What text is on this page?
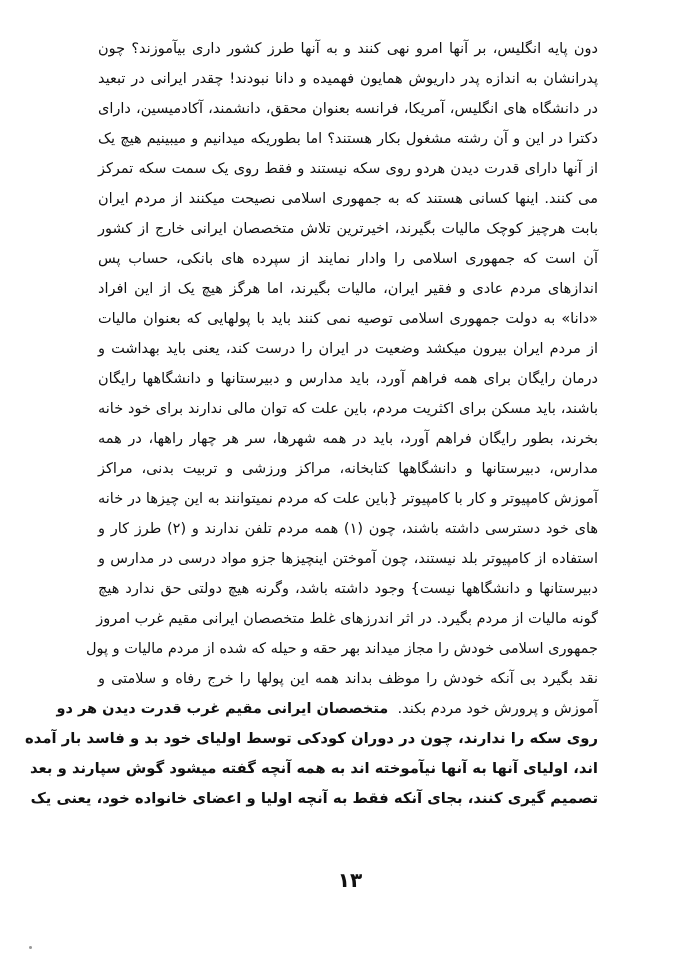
دون پایه انگلیس، بر آنها امرو نهی کنند و به آنها طرز کشور داری بیآموزند؟ چون
پدرانشان به اندازه پدر داریوش همایون فهمیده و دانا نبودند! چقدر ایرانی در تبعید
در دانشگاه های انگلیس، آمریکا، فرانسه بعنوان محقق، دانشمند، آکادمیسین، دارای
دکترا در این و آن رشته مشغول بکار هستند؟ اما بطوریکه میدانیم و میبینیم هیچ یک
از آنها دارای قدرت دیدن هردو روی سکه نیستند و فقط روی یک سمت سکه تمرکز
می کنند. اینها کسانی هستند که به جمهوری اسلامی نصیحت میکنند از مردم ایران
بابت هرچیز کوچک مالیات بگیرند، اخیرترین تلاش متخصصان ایرانی خارج از کشور
آن است که جمهوری اسلامی را وادار نمایند از سپرده های بانکی، حساب پس
اندازهای مردم عادی و فقیر ایران، مالیات بگیرند، اما هرگز هیچ یک از این افراد
«دانا» به دولت جمهوری اسلامی توصیه نمی کنند باید با پولهایی که بعنوان مالیات
از مردم ایران بیرون میکشد وضعیت در ایران را درست کند، یعنی باید بهداشت و
درمان رایگان برای همه فراهم آورد، باید مدارس و دبیرستانها و دانشگاهها رایگان
باشند، باید مسکن برای اکثریت مردم، باین علت که توان مالی ندارند برای خود خانه
بخرند، بطور رایگان فراهم آورد، باید در همه شهرها، سر هر چهار راهها، در همه
مدارس، دبیرستانها و دانشگاهها کتابخانه، مراکز ورزشی و تربیت بدنی، مراکز
آموزش کامپیوتر و کار با کامپیوتر {باین علت که مردم نمیتوانند به این چیزها در خانه
های خود دسترسی داشته باشند، چون (۱) همه مردم تلفن ندارند و (۲) طرز کار و
استفاده از کامپیوتر بلد نیستند، چون آموختن اینچیزها جزو مواد درسی در مدارس و
دبیرستانها و دانشگاهها نیست} وجود داشته باشد، وگرنه هیچ دولتی حق ندارد هیچ
گونه مالیات از مردم بگیرد. در اثر اندرزهای غلط متخصصان ایرانی مقیم غرب امروز
جمهوری اسلامی خودش را مجاز میداند بهر حقه و حیله که شده از مردم مالیات و پول
نقد بگیرد بی آنکه خودش را موظف بداند همه این پولها را خرج رفاه و سلامتی و
آموزش و پرورش خود مردم بکند.  متخصصان ایرانی مقیم غرب قدرت دیدن هر دو
روی سکه را ندارند، چون در دوران کودکی توسط اولیای خود بد و فاسد بار آمده
اند، اولیای آنها به آنها نیآموخته اند به همه آنچه گفته میشود گوش سپارند و بعد
تصمیم گیری کنند، بجای آنکه فقط به آنچه اولیا و اعضای خانواده خود، یعنی یک
۱۳
